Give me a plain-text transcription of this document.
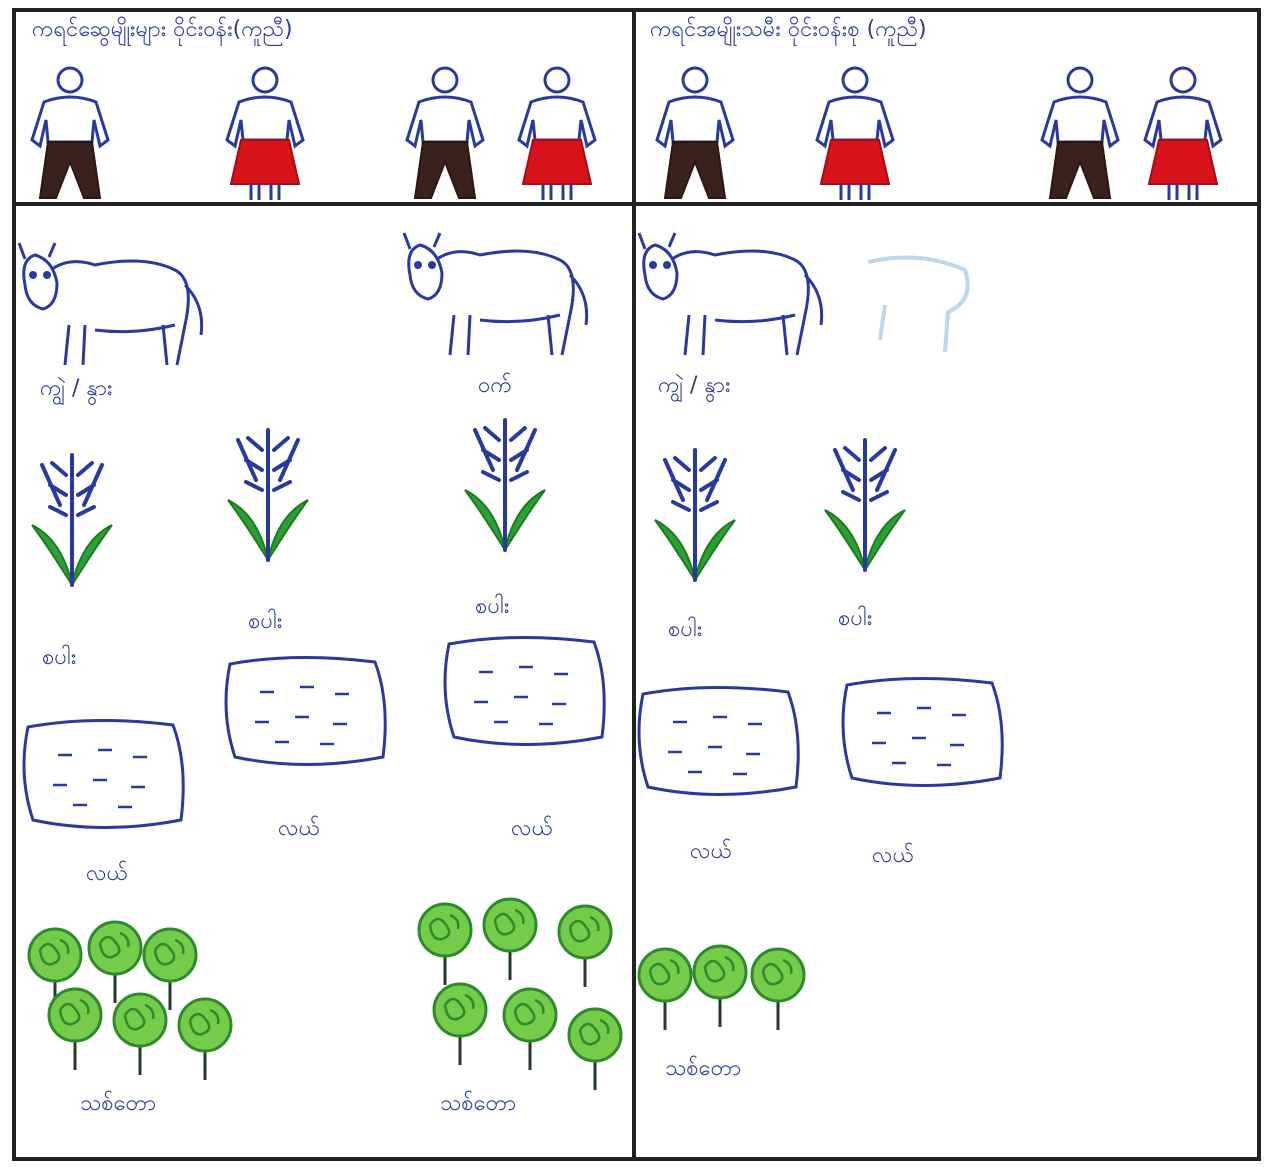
ကရင်ဆွေမျိုးများ ဝိုင်းဝန်း(ကူညီ)	ကရင်အမျိုးသမီး ဝိုင်းဝန်းစု (ကူညီ)
ကျွဲ / နွား	ဝက်
စပါး
စပါး
စပါး
လယ်
လယ်	လယ်
သစ်တော	သစ်တော
ကျွဲ / နွား
စပါး	စပါး
လယ်	လယ်
သစ်တော
